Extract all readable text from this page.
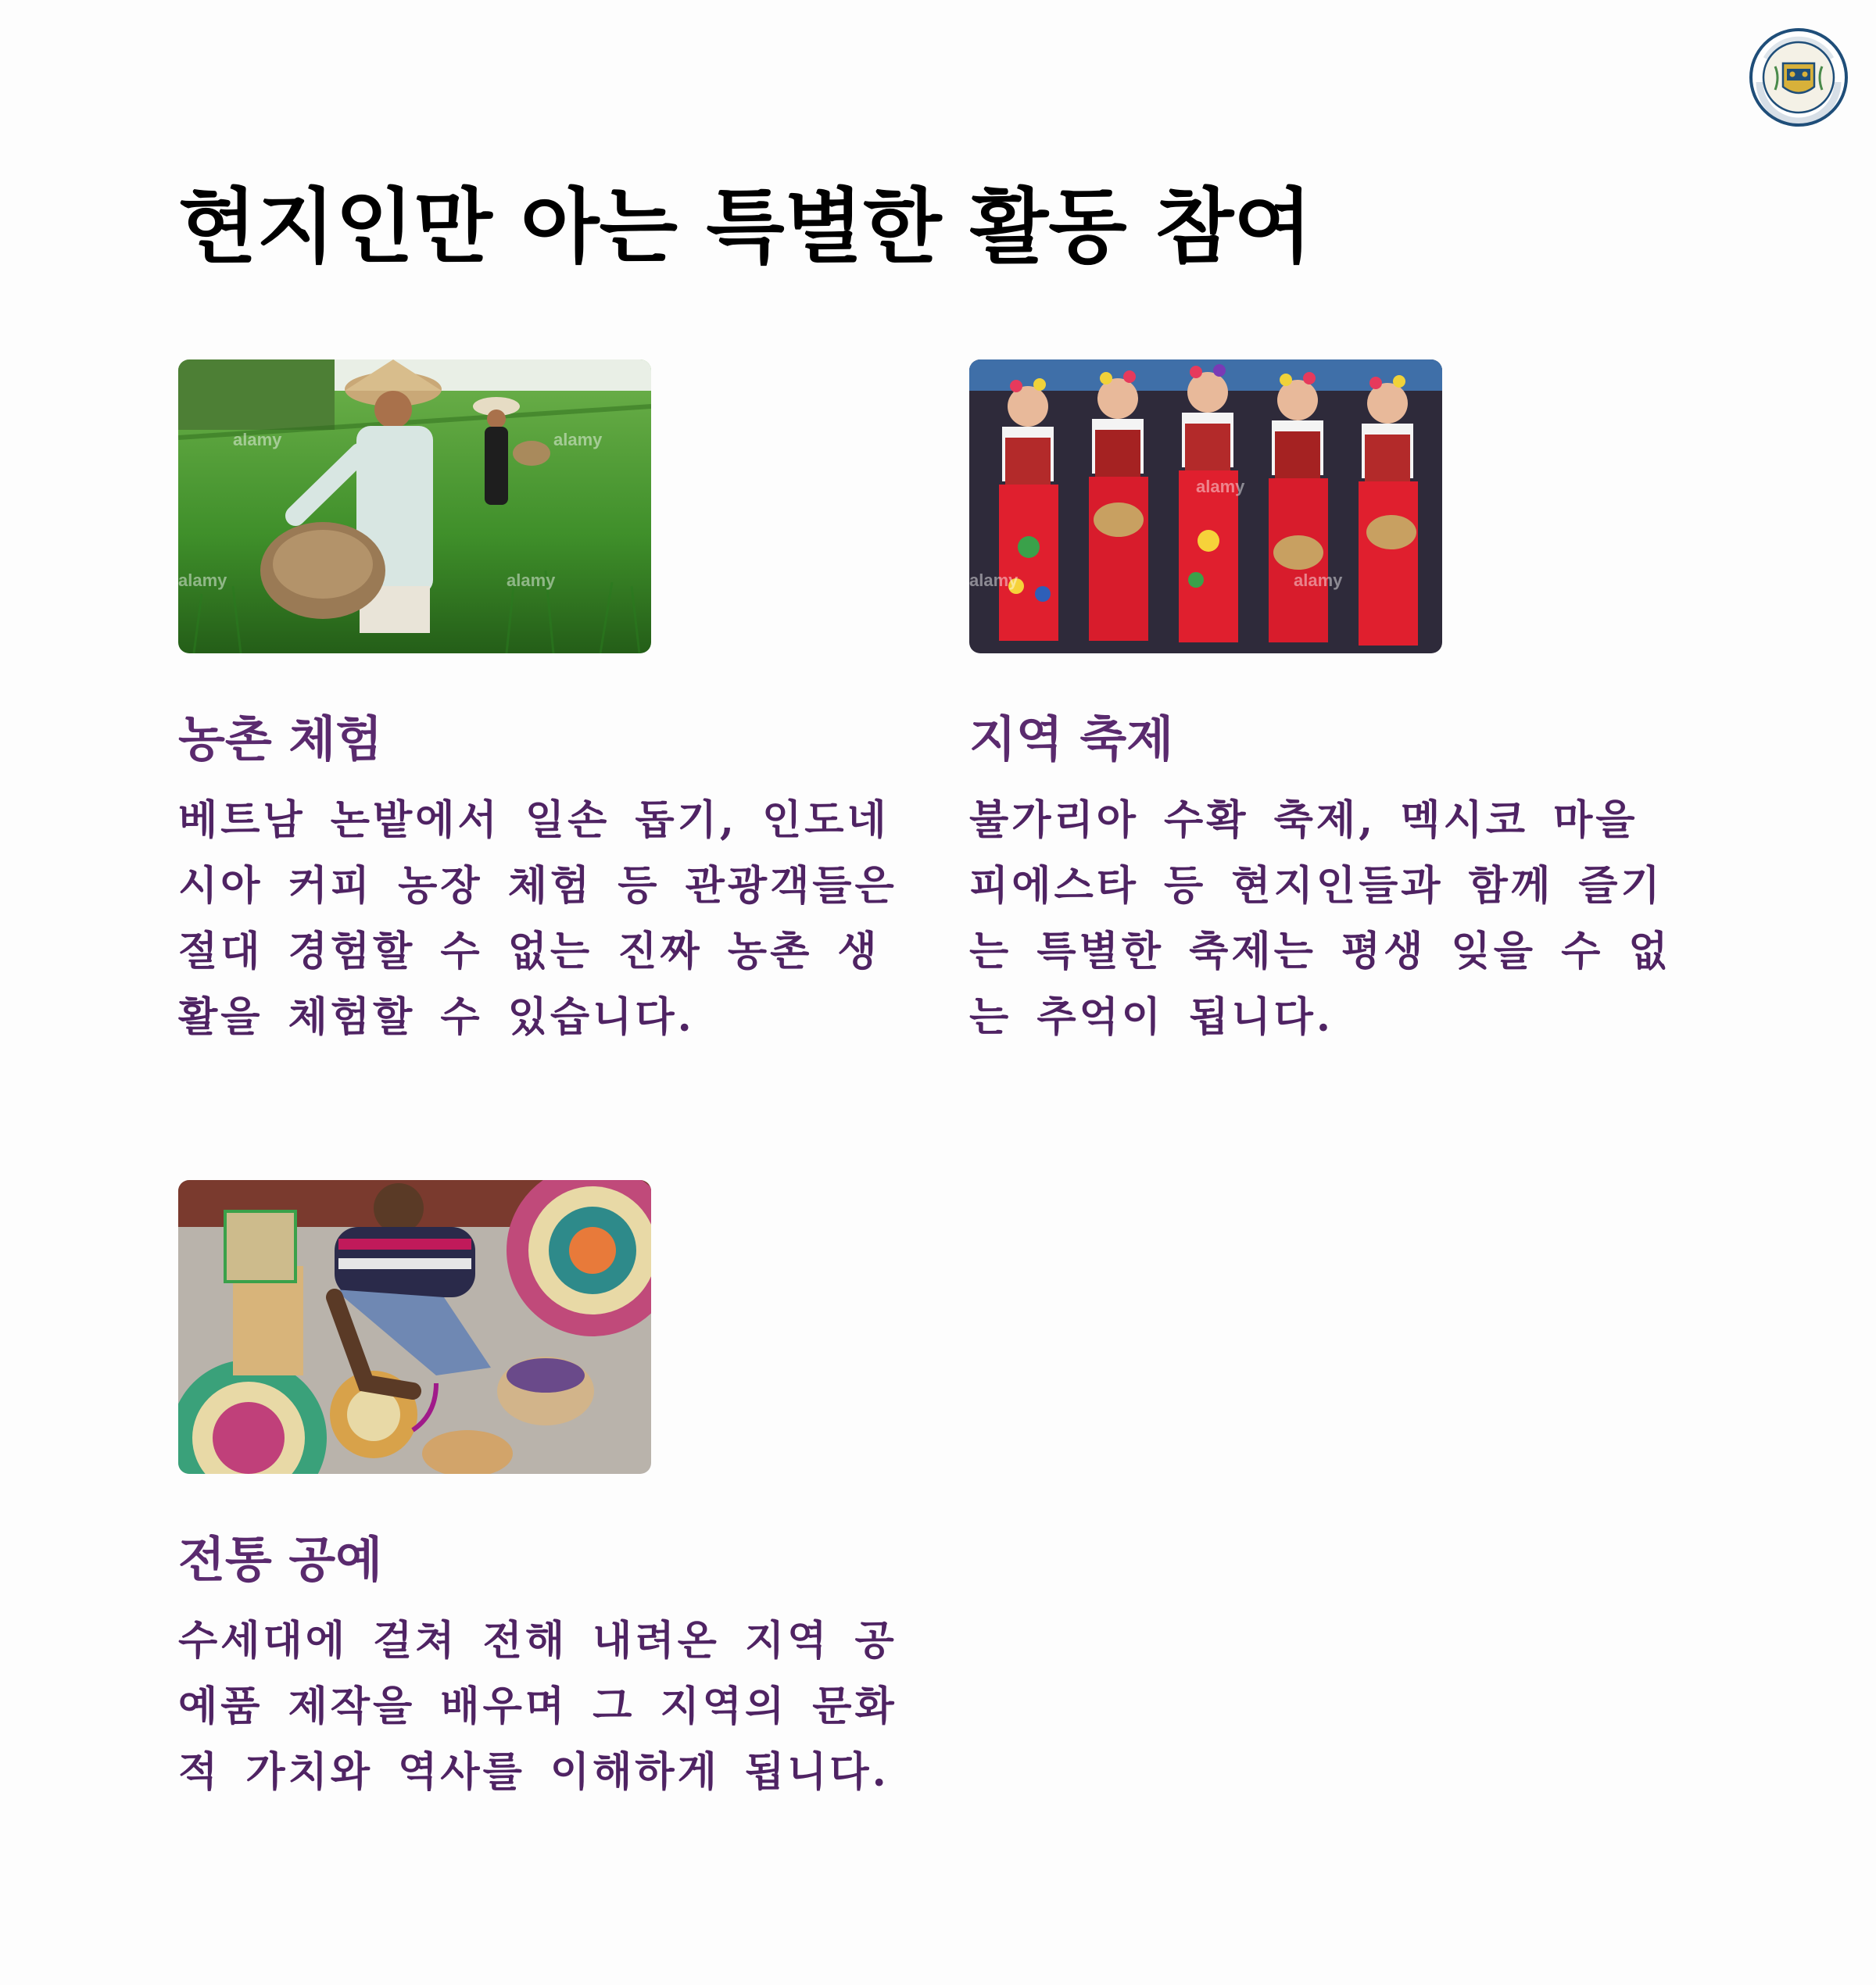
현지인만 아는 특별한 활동 참여
alamy	alamy
alamy
alamy
농촌 체험

베트남 논밭에서 일손 돕기, 인도네시아 커피 농장 체험 등 관광객들은 절대 경험할 수 없는 진짜 농촌 생활을 체험할 수 있습니다.

alamy
alamy	alamy
지역 축제

불가리아 수확 축제, 멕시코 마을 피에스타 등 현지인들과 함께 즐기는 특별한 축제는 평생 잊을 수 없는 추억이 됩니다.

전통 공예

수세대에 걸쳐 전해 내려온 지역 공예품 제작을 배우며 그 지역의 문화적 가치와 역사를 이해하게 됩니다.
